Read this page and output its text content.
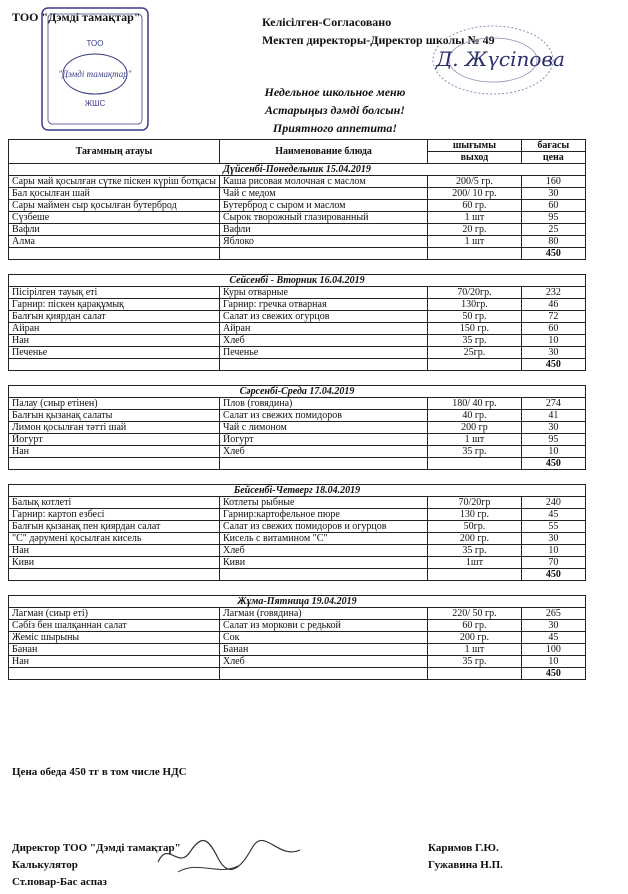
ТОО "Дэмді тамақтар"
ТОО
"Дэмді тамақтар"
ЖШС
Келісілген-Согласовано
Мектеп директоры-Директор школы № 49
Д. Жүсіпова
Недельное школьное меню
Астарыңыз дәмді болсын!
Приятного аппетита!
Тағамның атауы	Наименование блюда	шығымы	бағасы
		выход	цена
Дүйсенбі-Понедельник 15.04.2019			
Сары май қосылған сүтке піскен күріш ботқасы	Каша рисовая молочная с маслом	200/5 гр.	160
Бал қосылған шай	Чай с медом	200/ 10 гр.	30
Сары маймен сыр қосылған бутерброд	Бутерброд с сыром и маслом	60 гр.	60
Сүзбеше	Сырок творожный глазированный	1 шт	95
Вафли	Вафли	20 гр.	25
Алма	Яблоко	1 шт	80
			450

Сейсенбі - Вторник 16.04.2019			
Пісірілген тауық еті	Куры отварные	70/20гр.	232
Гарнир: піскен қарақұмық	Гарнир: гречка отварная	130гр.	46
Балғын қиярдан салат	Салат из свежих огурцов	50 гр.	72
Айран	Айран	150 гр.	60
Нан	Хлеб	35 гр.	10
Печенье	Печенье	25гр.	30
			450

Сәрсенбі-Среда 17.04.2019			
Палау (сиыр етінен)	Плов (говядина)	180/ 40 гр.	274
Балғын қызанақ салаты	Салат из свежих помидоров	40 гр.	41
Лимон қосылған тәтті шай	Чай с лимоном	200 гр	30
Йогурт	Йогурт	1 шт	95
Нан	Хлеб	35 гр.	10
			450

Бейсенбі-Четверг 18.04.2019			
Балық котлеті	Котлеты рыбные	70/20гр	240
Гарнир: картоп езбесі	Гарнир:картофельное пюре	130 гр.	45
Балғын қызанақ пен қиярдан салат	Салат из свежих помидоров и огурцов	50гр.	55
"С" дәрумені қосылған кисель	Кисель с витамином "С"	200 гр.	30
Нан	Хлеб	35 гр.	10
Киви	Киви	1шт	70
			450

Жұма-Пятница 19.04.2019			
Лагман (сиыр еті)	Лагман (говядина)	220/ 50 гр.	265
Сәбіз бен шалқаннан салат	Салат из моркови с редькой	60 гр.	30
Жеміс шырыны	Сок	200 гр.	45
Банан	Банан	1 шт	100
Нан	Хлеб	35 гр.	10
			450
Цена обеда 450 тг в том числе НДС
Директор ТОО "Дэмді тамақтар"
Калькулятор
Ст.повар-Бас аспаз
Каримов Г.Ю.
Гужавина Н.П.
